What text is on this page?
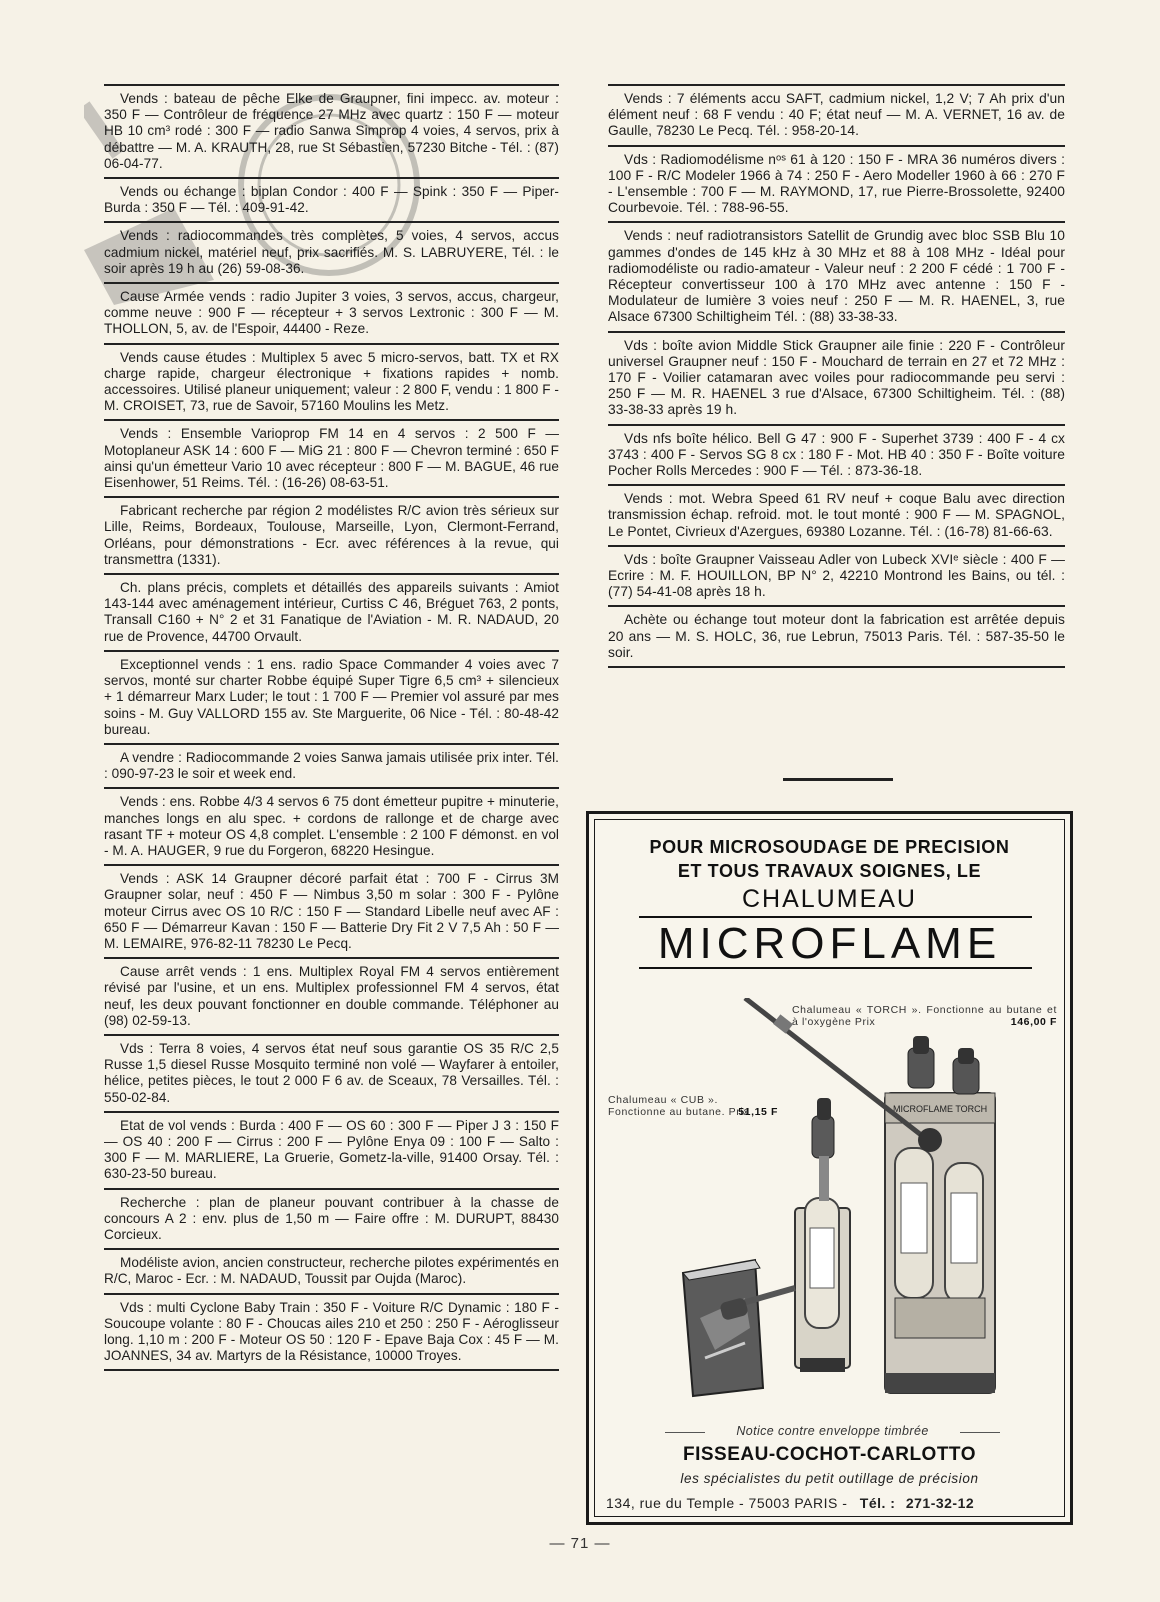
Vends : bateau de pêche Elke de Graupner, fini impecc. av. moteur : 350 F — Contrôleur de fréquence 27 MHz avec quartz : 150 F — moteur HB 10 cm³ rodé : 300 F — radio Sanwa Simprop 4 voies, 4 servos, prix à débattre — M. A. KRAUTH, 28, rue St Sébastien, 57230 Bitche - Tél. : (87) 06-04-77.
Vends ou échange : biplan Condor : 400 F — Spink : 350 F — Piper-Burda : 350 F — Tél. : 409-91-42.
Vends : radiocommandes très complètes, 5 voies, 4 servos, accus cadmium nickel, matériel neuf, prix sacrifiés. M. S. LABRUYERE, Tél. : le soir après 19 h au (26) 59-08-36.
Cause Armée vends : radio Jupiter 3 voies, 3 servos, accus, chargeur, comme neuve : 900 F — récepteur + 3 servos Lextronic : 300 F — M. THOLLON, 5, av. de l'Espoir, 44400 - Reze.
Vends cause études : Multiplex 5 avec 5 micro-servos, batt. TX et RX charge rapide, chargeur électronique + fixations rapides + nomb. accessoires. Utilisé planeur uniquement; valeur : 2 800 F, vendu : 1 800 F - M. CROISET, 73, rue de Savoir, 57160 Moulins les Metz.
Vends : Ensemble Varioprop FM 14 en 4 servos : 2 500 F — Motoplaneur ASK 14 : 600 F — MiG 21 : 800 F — Chevron terminé : 650 F ainsi qu'un émetteur Vario 10 avec récepteur : 800 F — M. BAGUE, 46 rue Eisenhower, 51 Reims. Tél. : (16-26) 08-63-51.
Fabricant recherche par région 2 modélistes R/C avion très sérieux sur Lille, Reims, Bordeaux, Toulouse, Marseille, Lyon, Clermont-Ferrand, Orléans, pour démonstrations - Ecr. avec références à la revue, qui transmettra (1331).
Ch. plans précis, complets et détaillés des appareils suivants : Amiot 143-144 avec aménagement intérieur, Curtiss C 46, Bréguet 763, 2 ponts, Transall C160 + N° 2 et 31 Fanatique de l'Aviation - M. R. NADAUD, 20 rue de Provence, 44700 Orvault.
Exceptionnel vends : 1 ens. radio Space Commander 4 voies avec 7 servos, monté sur charter Robbe équipé Super Tigre 6,5 cm³ + silencieux + 1 démarreur Marx Luder; le tout : 1 700 F — Premier vol assuré par mes soins - M. Guy VALLORD 155 av. Ste Marguerite, 06 Nice - Tél. : 80-48-42 bureau.
A vendre : Radiocommande 2 voies Sanwa jamais utilisée prix inter. Tél. : 090-97-23 le soir et week end.
Vends : ens. Robbe 4/3 4 servos 6 75 dont émetteur pupitre + minuterie, manches longs en alu spec. + cordons de rallonge et de charge avec rasant TF + moteur OS 4,8 complet. L'ensemble : 2 100 F démonst. en vol - M. A. HAUGER, 9 rue du Forgeron, 68220 Hesingue.
Vends : ASK 14 Graupner décoré parfait état : 700 F - Cirrus 3M Graupner solar, neuf : 450 F — Nimbus 3,50 m solar : 300 F - Pylône moteur Cirrus avec OS 10 R/C : 150 F — Standard Libelle neuf avec AF : 650 F — Démarreur Kavan : 150 F — Batterie Dry Fit 2 V 7,5 Ah : 50 F — M. LEMAIRE, 976-82-11 78230 Le Pecq.
Cause arrêt vends : 1 ens. Multiplex Royal FM 4 servos entièrement révisé par l'usine, et un ens. Multiplex professionnel FM 4 servos, état neuf, les deux pouvant fonctionner en double commande. Téléphoner au (98) 02-59-13.
Vds : Terra 8 voies, 4 servos état neuf sous garantie OS 35 R/C 2,5 Russe 1,5 diesel Russe Mosquito terminé non volé — Wayfarer à entoiler, hélice, petites pièces, le tout 2 000 F 6 av. de Sceaux, 78 Versailles. Tél. : 550-02-84.
Etat de vol vends : Burda : 400 F — OS 60 : 300 F — Piper J 3 : 150 F — OS 40 : 200 F — Cirrus : 200 F — Pylône Enya 09 : 100 F — Salto : 300 F — M. MARLIERE, La Gruerie, Gometz-la-ville, 91400 Orsay. Tél. : 630-23-50 bureau.
Recherche : plan de planeur pouvant contribuer à la chasse de concours A 2 : env. plus de 1,50 m — Faire offre : M. DURUPT, 88430 Corcieux.
Modéliste avion, ancien constructeur, recherche pilotes expérimentés en R/C, Maroc - Ecr. : M. NADAUD, Toussit par Oujda (Maroc).
Vds : multi Cyclone Baby Train : 350 F - Voiture R/C Dynamic : 180 F - Soucoupe volante : 80 F - Choucas ailes 210 et 250 : 250 F - Aéroglisseur long. 1,10 m : 200 F - Moteur OS 50 : 120 F - Epave Baja Cox : 45 F — M. JOANNES, 34 av. Martyrs de la Résistance, 10000 Troyes.
Vends : 7 éléments accu SAFT, cadmium nickel, 1,2 V; 7 Ah prix d'un élément neuf : 68 F vendu : 40 F; état neuf — M. A. VERNET, 16 av. de Gaulle, 78230 Le Pecq. Tél. : 958-20-14.
Vds : Radiomodélisme nᵒˢ 61 à 120 : 150 F - MRA 36 numéros divers : 100 F - R/C Modeler 1966 à 74 : 250 F - Aero Modeller 1960 à 66 : 270 F - L'ensemble : 700 F — M. RAYMOND, 17, rue Pierre-Brossolette, 92400 Courbevoie. Tél. : 788-96-55.
Vends : neuf radiotransistors Satellit de Grundig avec bloc SSB Blu 10 gammes d'ondes de 145 kHz à 30 MHz et 88 à 108 MHz - Idéal pour radiomodéliste ou radio-amateur - Valeur neuf : 2 200 F cédé : 1 700 F - Récepteur convertisseur 100 à 170 MHz avec antenne : 150 F - Modulateur de lumière 3 voies neuf : 250 F — M. R. HAENEL, 3, rue Alsace 67300 Schiltigheim Tél. : (88) 33-38-33.
Vds : boîte avion Middle Stick Graupner aile finie : 220 F - Contrôleur universel Graupner neuf : 150 F - Mouchard de terrain en 27 et 72 MHz : 170 F - Voilier catamaran avec voiles pour radiocommande peu servi : 250 F — M. R. HAENEL 3 rue d'Alsace, 67300 Schiltigheim. Tél. : (88) 33-38-33 après 19 h.
Vds nfs boîte hélico. Bell G 47 : 900 F - Superhet 3739 : 400 F - 4 cx 3743 : 400 F - Servos SG 8 cx : 180 F - Mot. HB 40 : 350 F - Boîte voiture Pocher Rolls Mercedes : 900 F — Tél. : 873-36-18.
Vends : mot. Webra Speed 61 RV neuf + coque Balu avec direction transmission échap. refroid. mot. le tout monté : 900 F — M. SPAGNOL, Le Pontet, Civrieux d'Azergues, 69380 Lozanne. Tél. : (16-78) 81-66-63.
Vds : boîte Graupner Vaisseau Adler von Lubeck XVIᵉ siècle : 400 F — Ecrire : M. F. HOUILLON, BP N° 2, 42210 Montrond les Bains, ou tél. : (77) 54-41-08 après 18 h.
Achète ou échange tout moteur dont la fabrication est arrêtée depuis 20 ans — M. S. HOLC, 36, rue Lebrun, 75013 Paris. Tél. : 587-35-50 le soir.
POUR MICROSOUDAGE DE PRECISION
ET TOUS TRAVAUX SOIGNES, LE
CHALUMEAU
MICROFLAME
MICROFLAME TORCH
Chalumeau « TORCH ». Fonctionne au butane et à l'oxygène Prix	146,00 F
Chalumeau « CUB ». Fonctionne au butane. Prix
51,15 F
Notice contre enveloppe timbrée
FISSEAU-COCHOT-CARLOTTO
les spécialistes du petit outillage de précision
134, rue du Temple - 75003 PARIS - Tél. : 271-32-12
— 71 —
